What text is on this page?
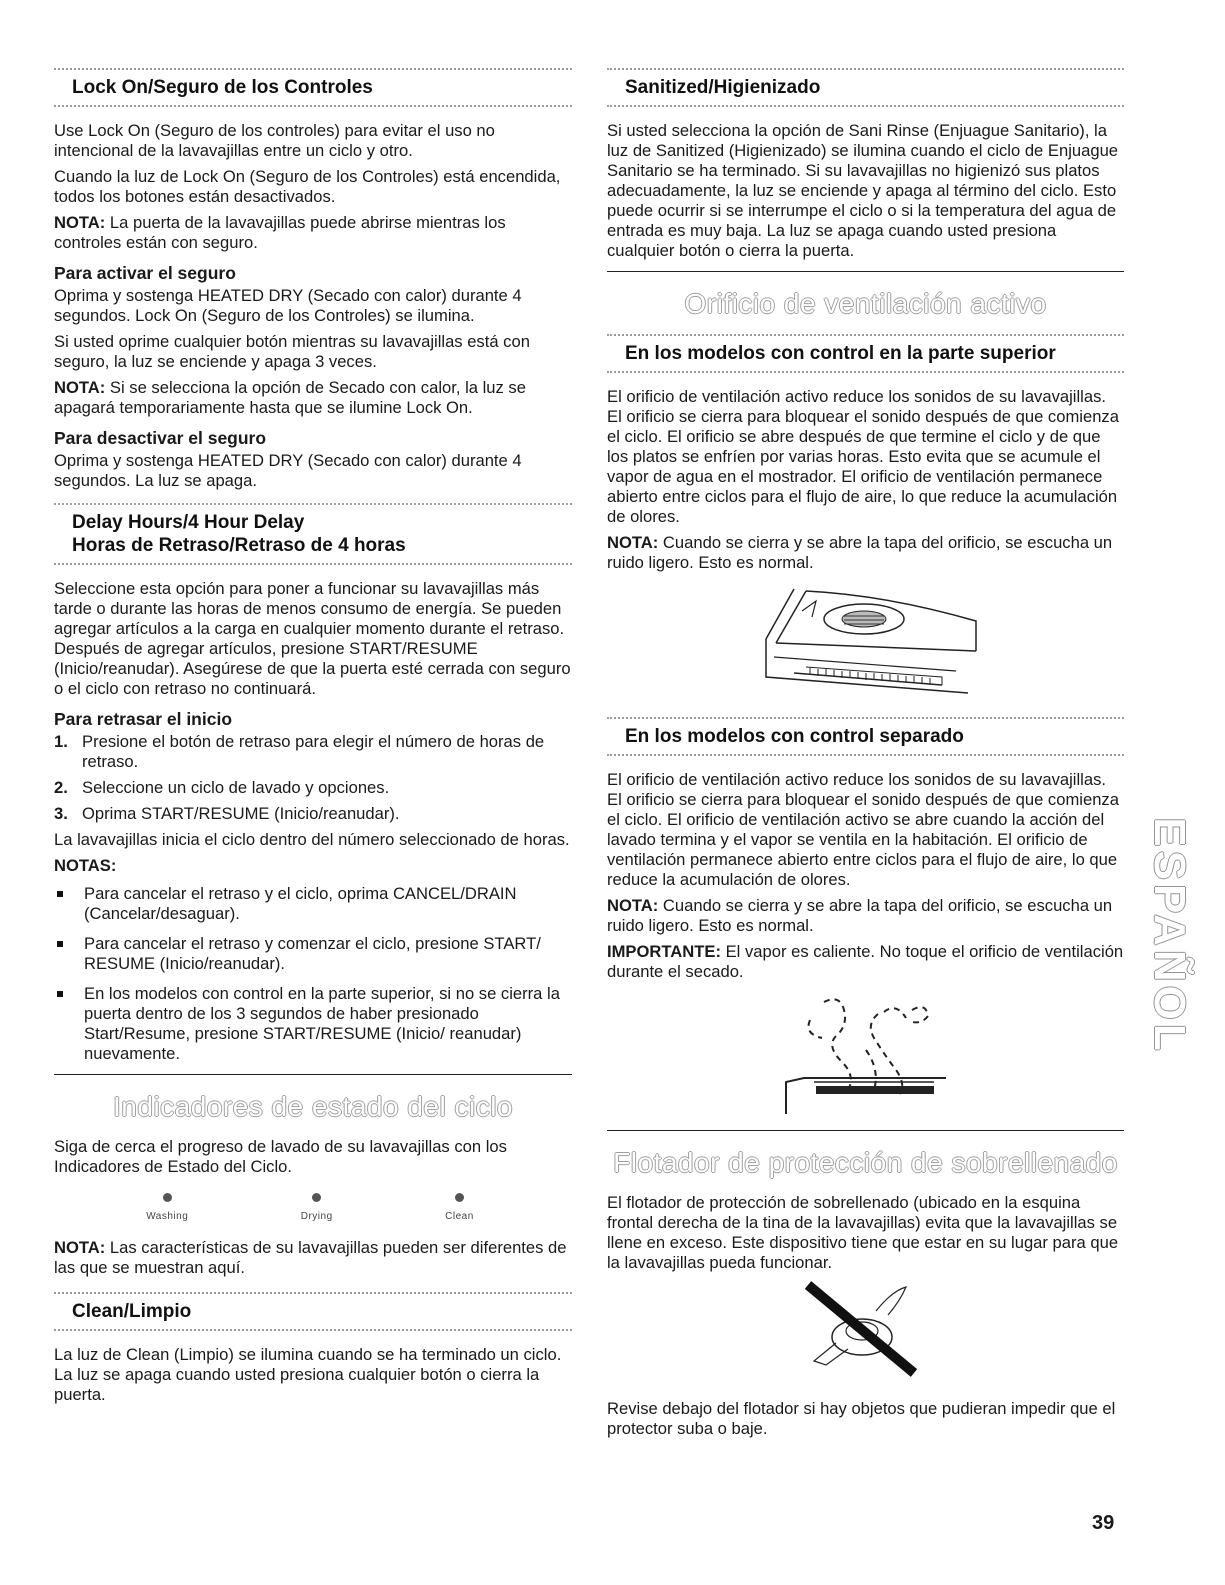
Lock On/Seguro de los Controles

Use Lock On (Seguro de los controles) para evitar el uso no intencional de la lavavajillas entre un ciclo y otro.

Cuando la luz de Lock On (Seguro de los Controles) está encendida, todos los botones están desactivados.

NOTA: La puerta de la lavavajillas puede abrirse mientras los controles están con seguro.

Para activar el seguro

Oprima y sostenga HEATED DRY (Secado con calor) durante 4 segundos. Lock On (Seguro de los Controles) se ilumina.

Si usted oprime cualquier botón mientras su lavavajillas está con seguro, la luz se enciende y apaga 3 veces.

NOTA: Si se selecciona la opción de Secado con calor, la luz se apagará temporariamente hasta que se ilumine Lock On.

Para desactivar el seguro

Oprima y sostenga HEATED DRY (Secado con calor) durante 4 segundos. La luz se apaga.

Delay Hours/4 Hour Delay
Horas de Retraso/Retraso de 4 horas

Seleccione esta opción para poner a funcionar su lavavajillas más tarde o durante las horas de menos consumo de energía. Se pueden agregar artículos a la carga en cualquier momento durante el retraso. Después de agregar artículos, presione START/RESUME (Inicio/reanudar). Asegúrese de que la puerta esté cerrada con seguro o el ciclo con retraso no continuará.

Para retrasar el inicio
1. Presione el botón de retraso para elegir el número de horas de retraso.
2. Seleccione un ciclo de lavado y opciones.
3. Oprima START/RESUME (Inicio/reanudar).

La lavavajillas inicia el ciclo dentro del número seleccionado de horas.

NOTAS:

Para cancelar el retraso y el ciclo, oprima CANCEL/DRAIN (Cancelar/desaguar).
Para cancelar el retraso y comenzar el ciclo, presione START/ RESUME (Inicio/reanudar).
En los modelos con control en la parte superior, si no se cierra la puerta dentro de los 3 segundos de haber presionado Start/Resume, presione START/RESUME (Inicio/ reanudar) nuevamente.
Indicadores de estado del ciclo

Siga de cerca el progreso de lavado de su lavavajillas con los Indicadores de Estado del Ciclo.

Washing	Drying	Clean

NOTA: Las características de su lavavajillas pueden ser diferentes de las que se muestran aquí.

Clean/Limpio

La luz de Clean (Limpio) se ilumina cuando se ha terminado un ciclo. La luz se apaga cuando usted presiona cualquier botón o cierra la puerta.

Sanitized/Higienizado

Si usted selecciona la opción de Sani Rinse (Enjuague Sanitario), la luz de Sanitized (Higienizado) se ilumina cuando el ciclo de Enjuague Sanitario se ha terminado. Si su lavavajillas no higienizó sus platos adecuadamente, la luz se enciende y apaga al término del ciclo. Esto puede ocurrir si se interrumpe el ciclo o si la temperatura del agua de entrada es muy baja. La luz se apaga cuando usted presiona cualquier botón o cierra la puerta.

Orificio de ventilación activo
En los modelos con control en la parte superior

El orificio de ventilación activo reduce los sonidos de su lavavajillas. El orificio se cierra para bloquear el sonido después de que comienza el ciclo. El orificio se abre después de que termine el ciclo y de que los platos se enfríen por varias horas. Esto evita que se acumule el vapor de agua en el mostrador. El orificio de ventilación permanece abierto entre ciclos para el flujo de aire, lo que reduce la acumulación de olores.

NOTA: Cuando se cierra y se abre la tapa del orificio, se escucha un ruido ligero. Esto es normal.

En los modelos con control separado

El orificio de ventilación activo reduce los sonidos de su lavavajillas. El orificio se cierra para bloquear el sonido después de que comienza el ciclo. El orificio de ventilación activo se abre cuando la acción del lavado termina y el vapor se ventila en la habitación. El orificio de ventilación permanece abierto entre ciclos para el flujo de aire, lo que reduce la acumulación de olores.

NOTA: Cuando se cierra y se abre la tapa del orificio, se escucha un ruido ligero. Esto es normal.

IMPORTANTE: El vapor es caliente. No toque el orificio de ventilación durante el secado.

Flotador de protección de sobrellenado

El flotador de protección de sobrellenado (ubicado en la esquina frontal derecha de la tina de la lavavajillas) evita que la lavavajillas se llene en exceso. Este dispositivo tiene que estar en su lugar para que la lavavajillas pueda funcionar.

Revise debajo del flotador si hay objetos que pudieran impedir que el protector suba o baje.

ESPAÑOL
39
